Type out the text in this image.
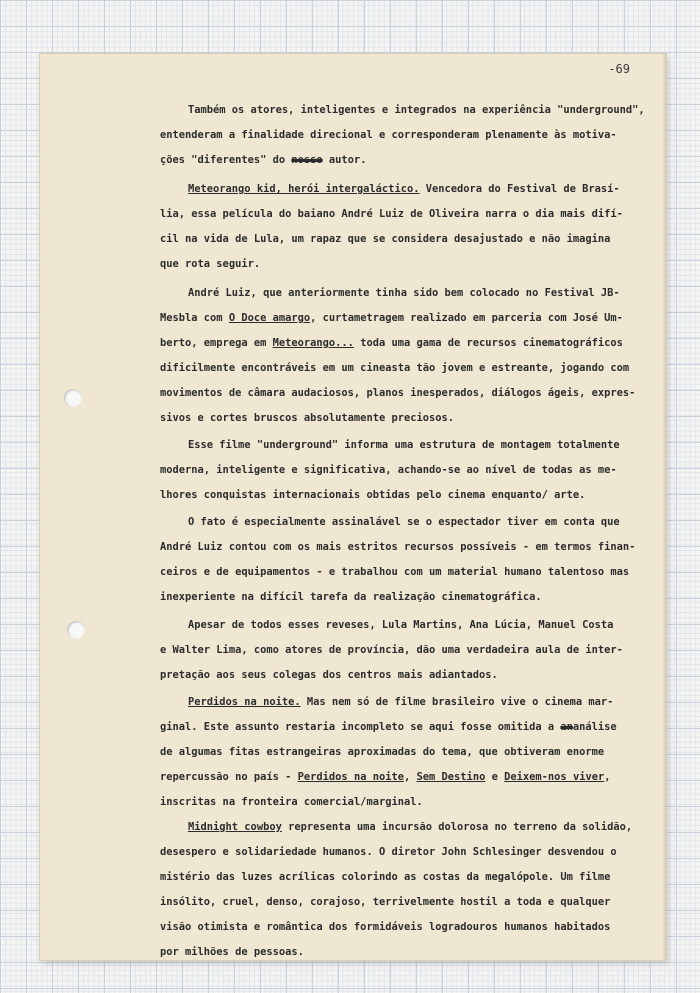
-69

Também os atores, inteligentes e integrados na experiência "underground",
entenderam a finalidade direcional e corresponderam plenamente às motiva-
ções "diferentes" do nosso autor.

Meteorango kid, herói intergaláctico. Vencedora do Festival de Brasí-
lia, essa película do baiano André Luiz de Oliveira narra o dia mais difí-
cil na vida de Lula, um rapaz que se considera desajustado e não imagina
que rota seguir.

André Luiz, que anteriormente tinha sido bem colocado no Festival JB-
Mesbla com O Doce amargo, curtametragem realizado em parceria com José Um-
berto, emprega em Meteorango... toda uma gama de recursos cinematográficos
dificilmente encontráveis em um cineasta tão jovem e estreante, jogando com
movimentos de câmara audaciosos, planos inesperados, diálogos ágeis, expres-
sivos e cortes bruscos absolutamente preciosos.

Esse filme "underground" informa uma estrutura de montagem totalmente
moderna, inteligente e significativa, achando-se ao nível de todas as me-
lhores conquistas internacionais obtidas pelo cinema enquanto/ arte.

O fato é especialmente assinalável se o espectador tiver em conta que
André Luiz contou com os mais estritos recursos possíveis - em termos finan-
ceiros e de equipamentos - e trabalhou com um material humano talentoso mas
inexperiente na difícil tarefa da realização cinematográfica.

Apesar de todos esses reveses, Lula Martins, Ana Lúcia, Manuel Costa
e Walter Lima, como atores de província, dão uma verdadeira aula de inter-
pretação aos seus colegas dos centros mais adiantados.

Perdidos na noite. Mas nem só de filme brasileiro vive o cinema mar-
ginal. Este assunto restaria incompleto se aqui fosse omitida a ananálise
de algumas fitas estrangeiras aproximadas do tema, que obtiveram enorme
repercussão no país - Perdidos na noite, Sem Destino e Deixem-nos viver,
inscritas na fronteira comercial/marginal.

Midnight cowboy representa uma incursão dolorosa no terreno da solidão,
desespero e solidariedade humanos. O diretor John Schlesinger desvendou o
mistério das luzes acrílicas colorindo as costas da megalópole. Um filme
insólito, cruel, denso, corajoso, terrivelmente hostil a toda e qualquer
visão otimista e romântica dos formidáveis logradouros humanos habitados
por milhões de pessoas.
